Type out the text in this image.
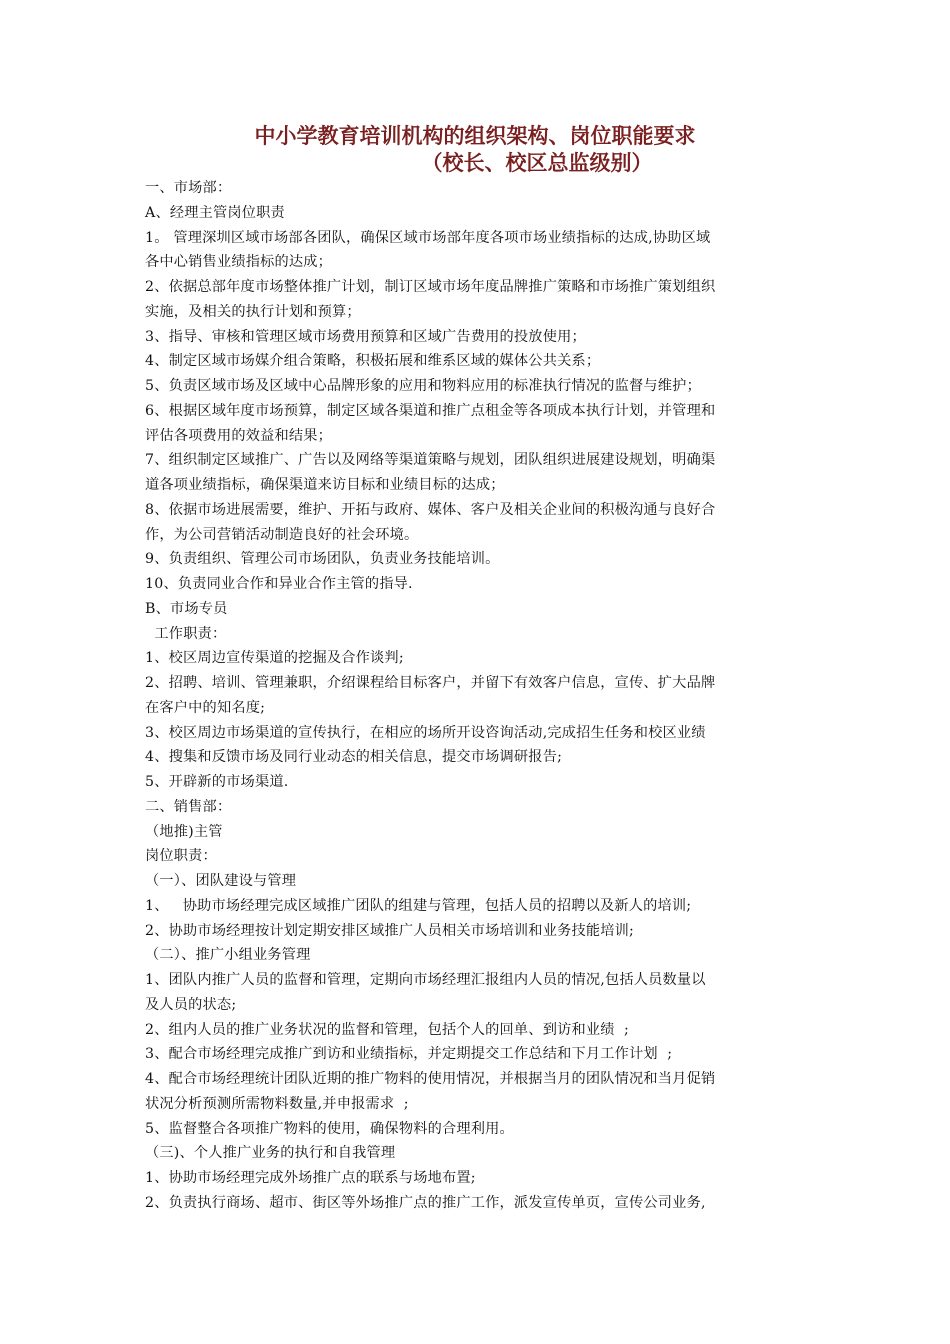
中小学教育培训机构的组织架构、岗位职能要求
（校长、校区总监级别）
一、市场部：
A、经理主管岗位职责
1。 管理深圳区域市场部各团队，确保区域市场部年度各项市场业绩指标的达成,协助区域
各中心销售业绩指标的达成；
2、依据总部年度市场整体推广计划，制订区域市场年度品牌推广策略和市场推广策划组织
实施，及相关的执行计划和预算；
3、指导、审核和管理区域市场费用预算和区域广告费用的投放使用；
4、制定区域市场媒介组合策略，积极拓展和维系区域的媒体公共关系；
5、负责区域市场及区域中心品牌形象的应用和物料应用的标准执行情况的监督与维护；
6、根据区域年度市场预算，制定区域各渠道和推广点租金等各项成本执行计划，并管理和
评估各项费用的效益和结果；
7、组织制定区域推广、广告以及网络等渠道策略与规划，团队组织进展建设规划，明确渠
道各项业绩指标，确保渠道来访目标和业绩目标的达成；
8、依据市场进展需要，维护、开拓与政府、媒体、客户及相关企业间的积极沟通与良好合
作，为公司营销活动制造良好的社会环境。
9、负责组织、管理公司市场团队，负责业务技能培训。
10、负责同业合作和异业合作主管的指导.
B、市场专员
工作职责：
1、校区周边宣传渠道的挖掘及合作谈判;
2、招聘、培训、管理兼职，介绍课程给目标客户，并留下有效客户信息，宣传、扩大品牌
在客户中的知名度;
3、校区周边市场渠道的宣传执行，在相应的场所开设咨询活动,完成招生任务和校区业绩
4、搜集和反馈市场及同行业动态的相关信息，提交市场调研报告;
5、开辟新的市场渠道.
二、销售部：
（地推)主管
岗位职责：
（一）、团队建设与管理
1、   协助市场经理完成区域推广团队的组建与管理，包括人员的招聘以及新人的培训;
2、协助市场经理按计划定期安排区域推广人员相关市场培训和业务技能培训;
（二）、推广小组业务管理
1、团队内推广人员的监督和管理，定期向市场经理汇报组内人员的情况,包括人员数量以
及人员的状态;
2、组内人员的推广业务状况的监督和管理，包括个人的回单、到访和业绩  ;
3、配合市场经理完成推广到访和业绩指标，并定期提交工作总结和下月工作计划  ;
4、配合市场经理统计团队近期的推广物料的使用情况，并根据当月的团队情况和当月促销
状况分析预测所需物料数量,并申报需求  ;
5、监督整合各项推广物料的使用，确保物料的合理利用。
（三)、个人推广业务的执行和自我管理
1、协助市场经理完成外场推广点的联系与场地布置;
2、负责执行商场、超市、街区等外场推广点的推广工作，派发宣传单页，宣传公司业务,
